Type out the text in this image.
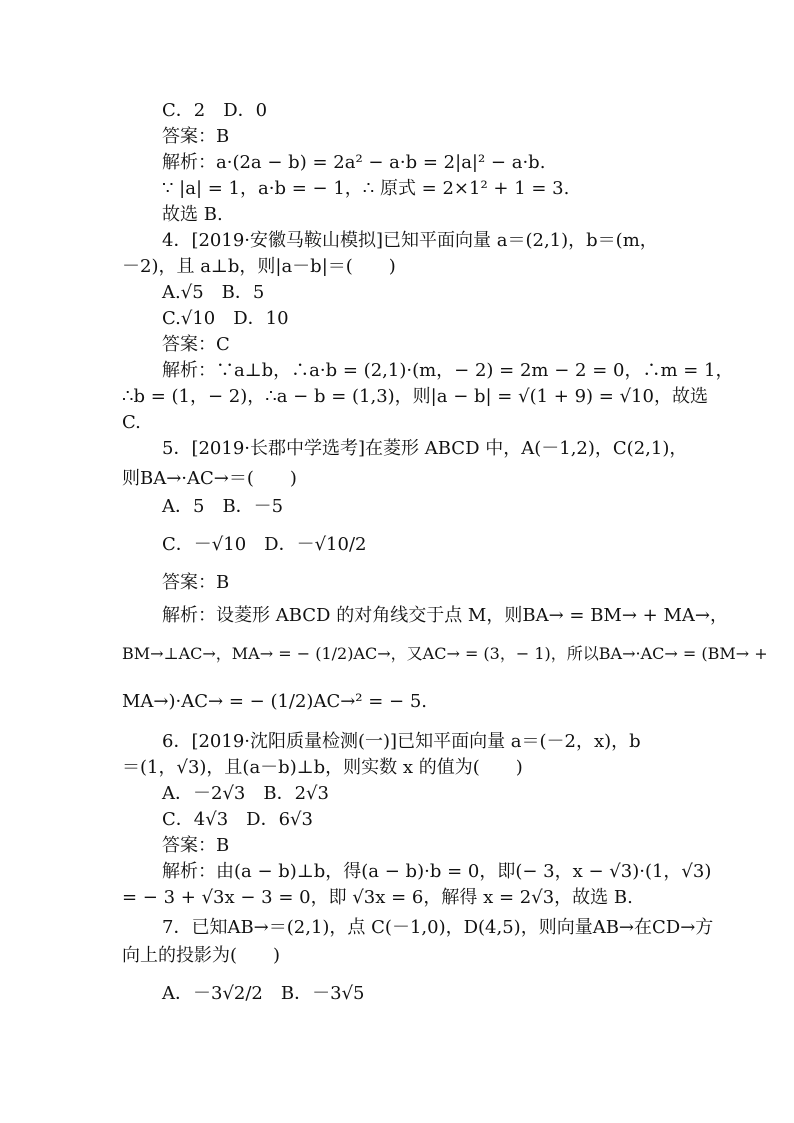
C．2　D．0
答案：B
解析：a·(2a − b) = 2a² − a·b = 2|a|² − a·b.
∵ |a| = 1，a·b = − 1，∴ 原式 = 2×1² + 1 = 3.
故选 B.
4．[2019·安徽马鞍山模拟]已知平面向量 a＝(2,1)，b＝(m，
－2)，且 a⊥b，则|a－b|＝(　　)
A.√5　B．5
C.√10　D．10
答案：C
解析：∵a⊥b，∴a·b = (2,1)·(m，− 2) = 2m − 2 = 0，∴m = 1，
∴b = (1，− 2)，∴a − b = (1,3)，则|a − b| = √(1 + 9) = √10，故选
C.
5．[2019·长郡中学选考]在菱形 ABCD 中，A(－1,2)，C(2,1)，
则BA→·AC→＝(　　)
A．5　B．－5
C．－√10　D．－√10/2
答案：B
解析：设菱形 ABCD 的对角线交于点 M，则BA→ = BM→ + MA→，
BM→⊥AC→，MA→ = − (1/2)AC→，又AC→ = (3，− 1)，所以BA→·AC→ = (BM→ +
MA→)·AC→ = − (1/2)AC→² = − 5.
6．[2019·沈阳质量检测(一)]已知平面向量 a＝(－2，x)，b
＝(1，√3)，且(a－b)⊥b，则实数 x 的值为(　　)
A．－2√3　B．2√3
C．4√3　D．6√3
答案：B
解析：由(a − b)⊥b，得(a − b)·b = 0，即(− 3，x − √3)·(1，√3)
= − 3 + √3x − 3 = 0，即 √3x = 6，解得 x = 2√3，故选 B.
7．已知AB→＝(2,1)，点 C(－1,0)，D(4,5)，则向量AB→在CD→方
向上的投影为(　　)
A．－3√2/2　B．－3√5
